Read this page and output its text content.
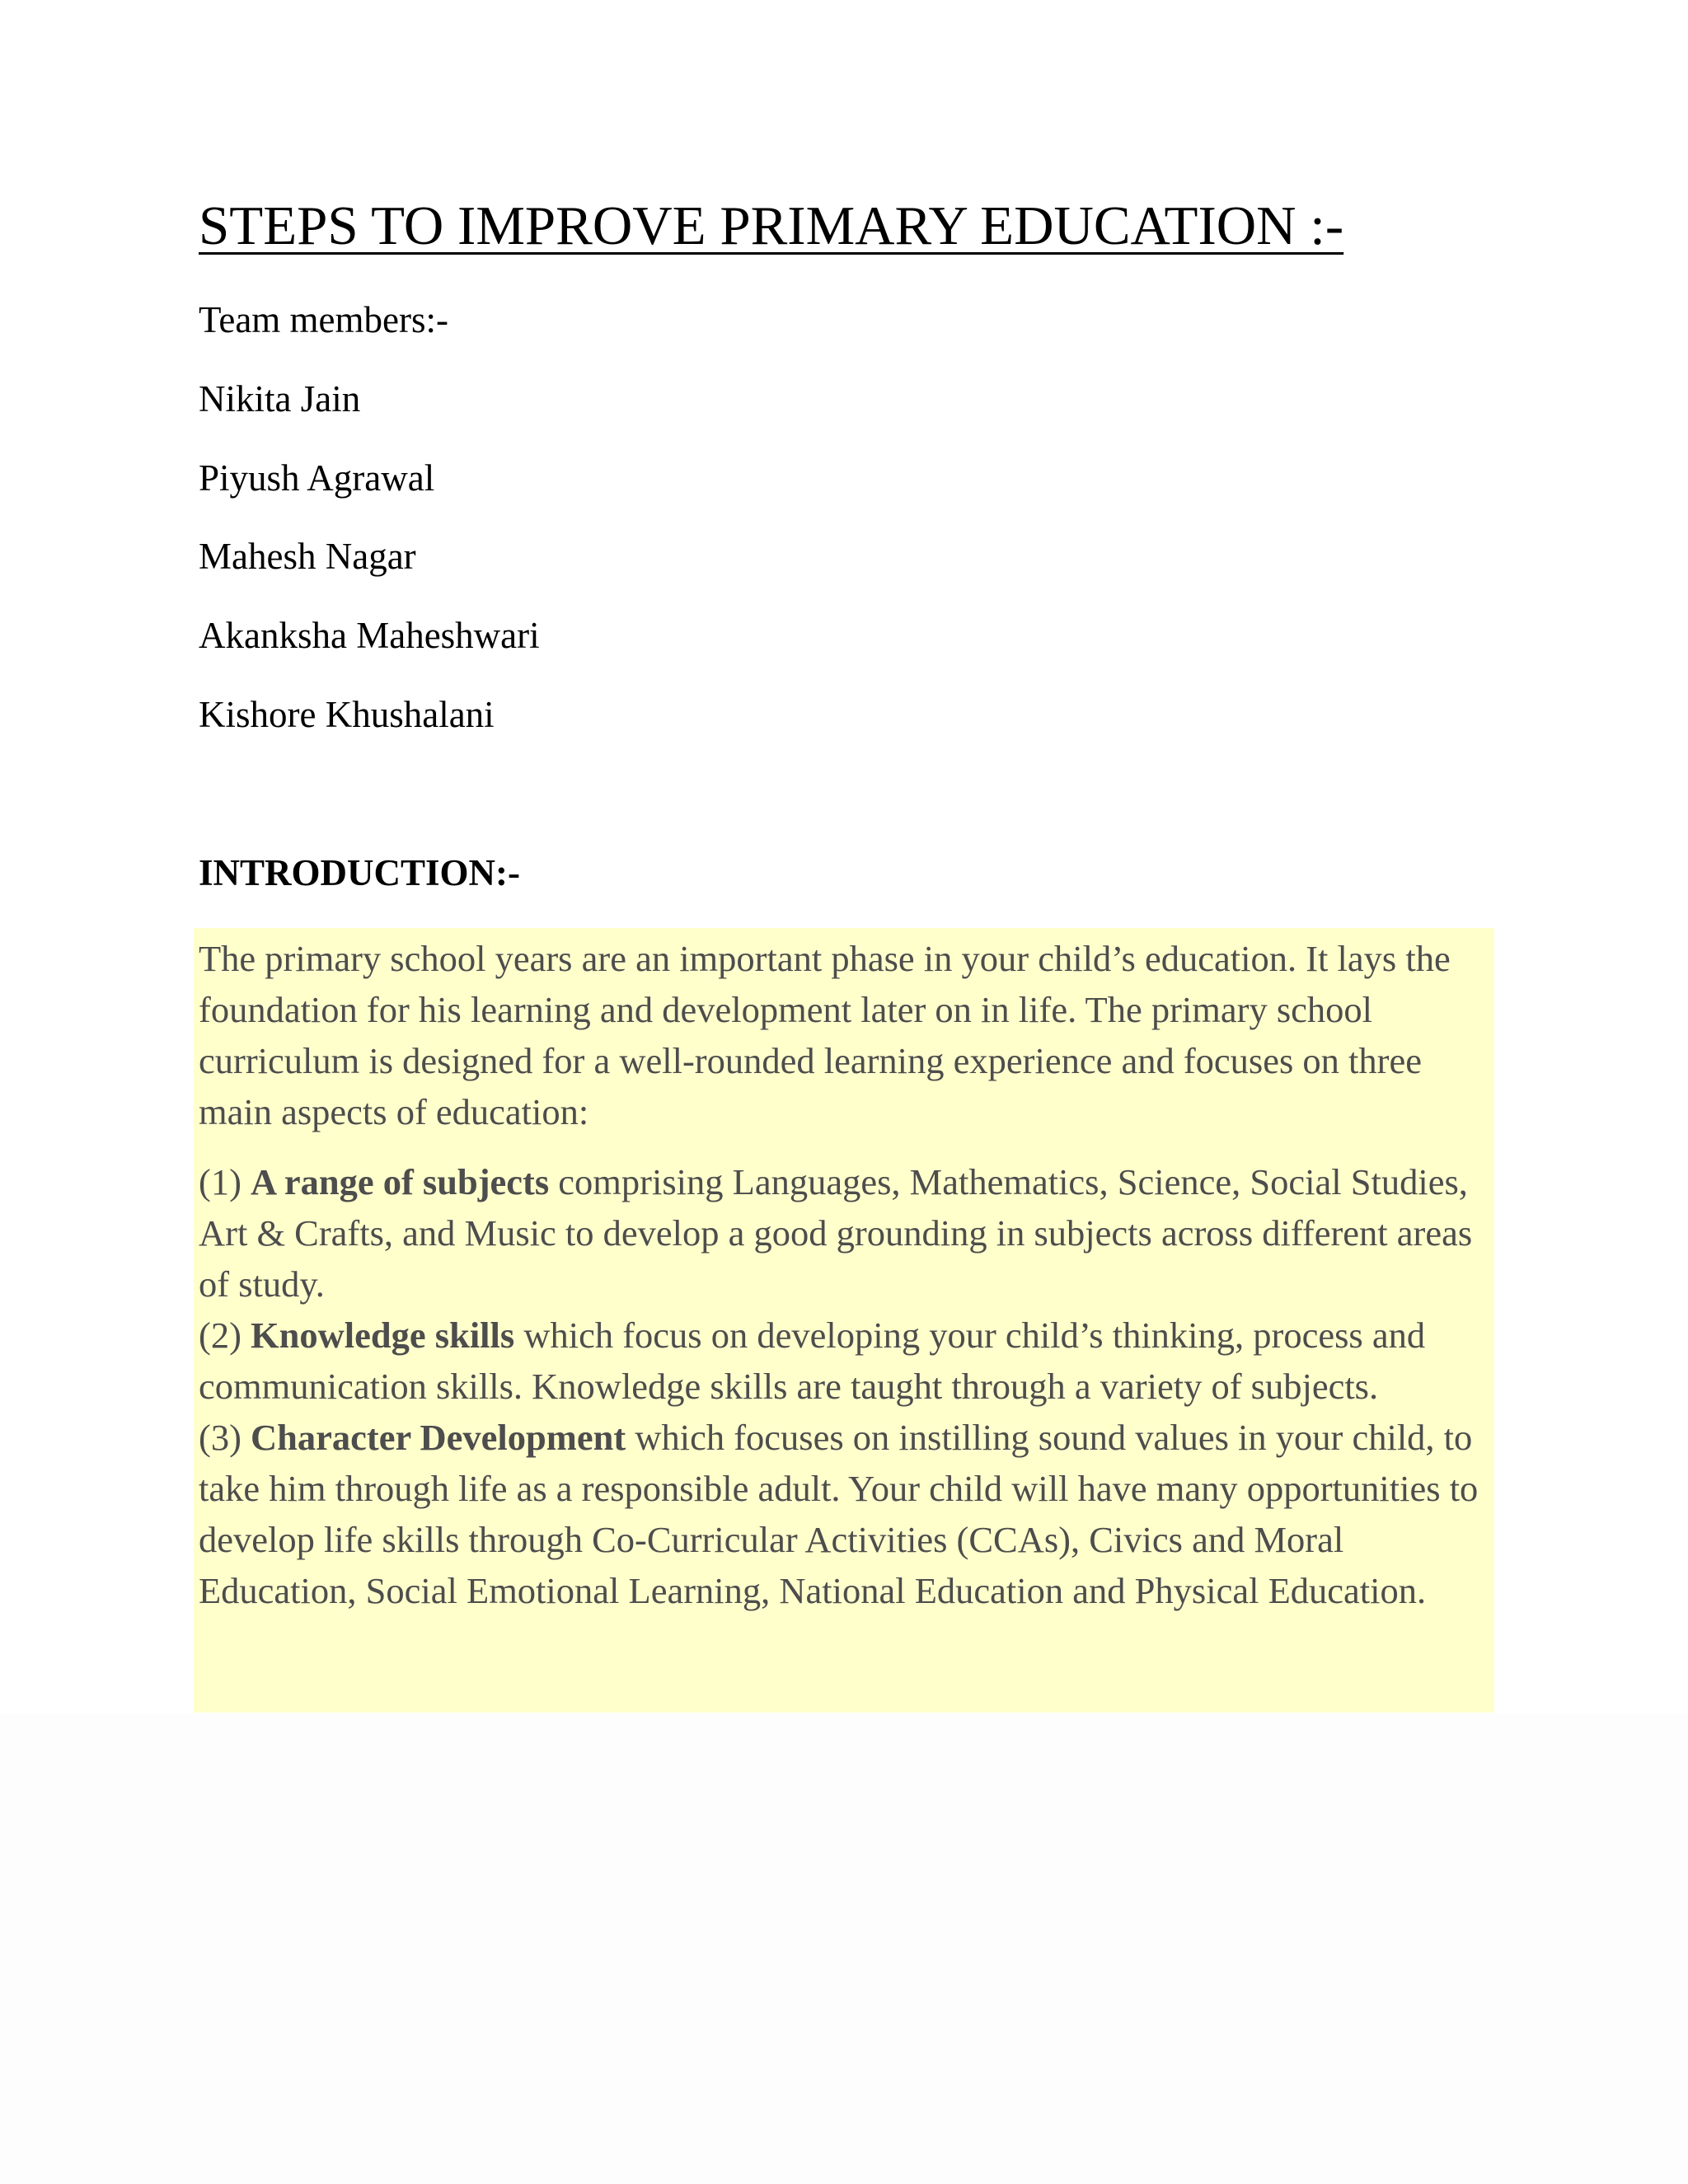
STEPS TO IMPROVE PRIMARY EDUCATION :-
Team members:-
Nikita Jain
Piyush Agrawal
Mahesh Nagar
Akanksha Maheshwari
Kishore Khushalani
INTRODUCTION:-

The primary school years are an important phase in your child’s education. It lays the foundation for his learning and development later on in life. The primary school curriculum is designed for a well-rounded learning experience and focuses on three main aspects of education:

(1) A range of subjects comprising Languages, Mathematics, Science, Social Studies, Art & Crafts, and Music to develop a good grounding in subjects across different areas of study.

(2) Knowledge skills which focus on developing your child’s thinking, process and communication skills. Knowledge skills are taught through a variety of subjects.

(3) Character Development which focuses on instilling sound values in your child, to take him through life as a responsible adult. Your child will have many opportunities to develop life skills through Co-Curricular Activities (CCAs), Civics and Moral Education, Social Emotional Learning, National Education and Physical Education.
